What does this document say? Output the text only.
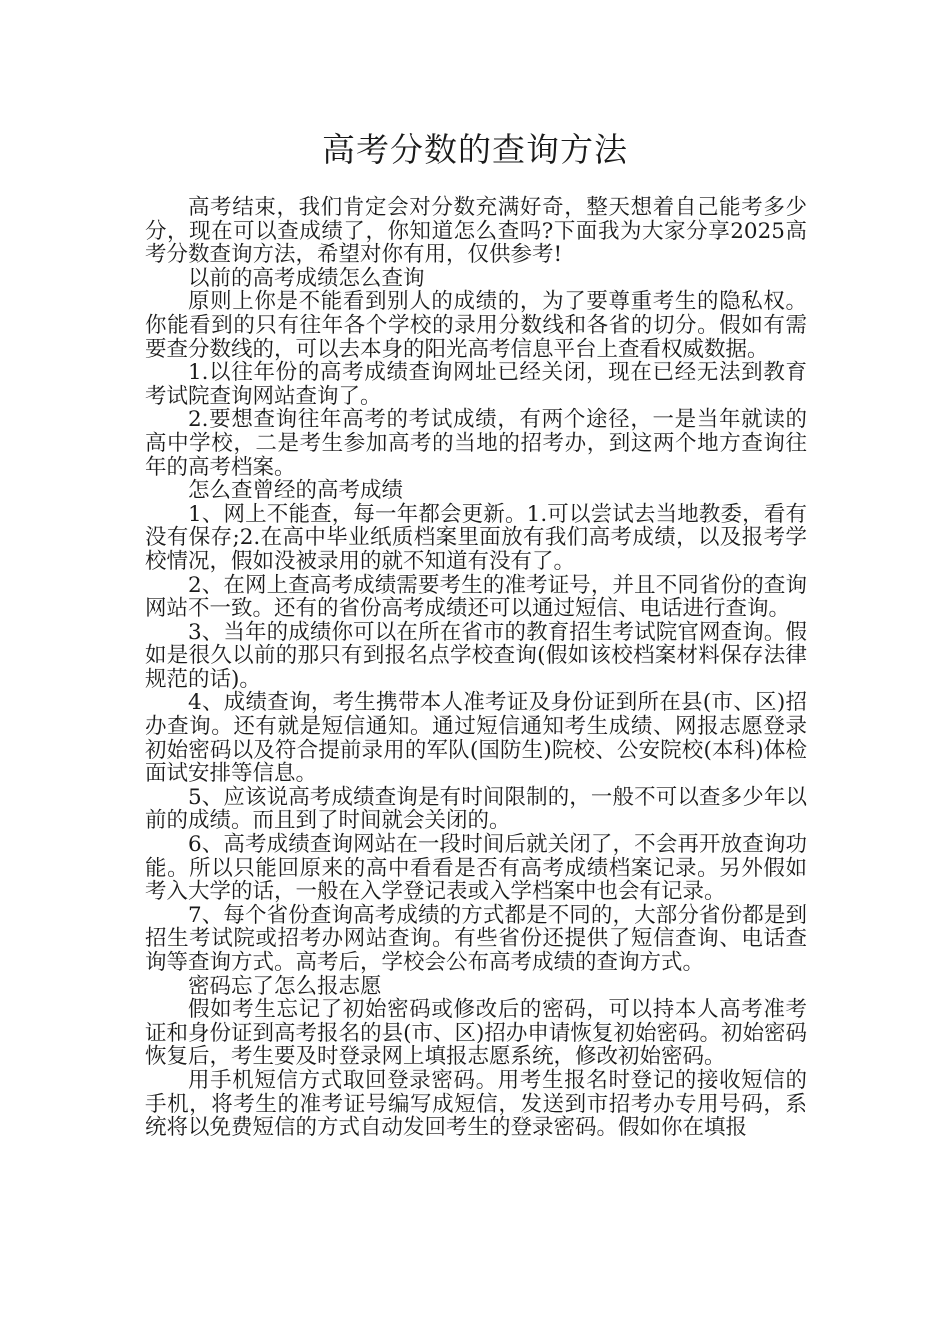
高考分数的查询方法

高考结束，我们肯定会对分数充满好奇，整天想着自己能考多少分，现在可以查成绩了，你知道怎么查吗?下面我为大家分享2025高考分数查询方法，希望对你有用，仅供参考!

以前的高考成绩怎么查询

原则上你是不能看到别人的成绩的，为了要尊重考生的隐私权。你能看到的只有往年各个学校的录用分数线和各省的切分。假如有需要查分数线的，可以去本身的阳光高考信息平台上查看权威数据。

1.以往年份的高考成绩查询网址已经关闭，现在已经无法到教育考试院查询网站查询了。

2.要想查询往年高考的考试成绩，有两个途径，一是当年就读的高中学校，二是考生参加高考的当地的招考办，到这两个地方查询往年的高考档案。

怎么查曾经的高考成绩

1、网上不能查，每一年都会更新。1.可以尝试去当地教委，看有没有保存;2.在高中毕业纸质档案里面放有我们高考成绩，以及报考学校情况，假如没被录用的就不知道有没有了。

2、在网上查高考成绩需要考生的准考证号，并且不同省份的查询网站不一致。还有的省份高考成绩还可以通过短信、电话进行查询。

3、当年的成绩你可以在所在省市的教育招生考试院官网查询。假如是很久以前的那只有到报名点学校查询(假如该校档案材料保存法律规范的话)。

4、成绩查询，考生携带本人准考证及身份证到所在县(市、区)招办查询。还有就是短信通知。通过短信通知考生成绩、网报志愿登录初始密码以及符合提前录用的军队(国防生)院校、公安院校(本科)体检面试安排等信息。

5、应该说高考成绩查询是有时间限制的，一般不可以查多少年以前的成绩。而且到了时间就会关闭的。

6、高考成绩查询网站在一段时间后就关闭了，不会再开放查询功能。所以只能回原来的高中看看是否有高考成绩档案记录。另外假如考入大学的话，一般在入学登记表或入学档案中也会有记录。

7、每个省份查询高考成绩的方式都是不同的，大部分省份都是到招生考试院或招考办网站查询。有些省份还提供了短信查询、电话查询等查询方式。高考后，学校会公布高考成绩的查询方式。

密码忘了怎么报志愿

假如考生忘记了初始密码或修改后的密码，可以持本人高考准考证和身份证到高考报名的县(市、区)招办申请恢复初始密码。初始密码恢复后，考生要及时登录网上填报志愿系统，修改初始密码。

用手机短信方式取回登录密码。用考生报名时登记的接收短信的手机，将考生的准考证号编写成短信，发送到市招考办专用号码，系统将以免费短信的方式自动发回考生的登录密码。假如你在填报
